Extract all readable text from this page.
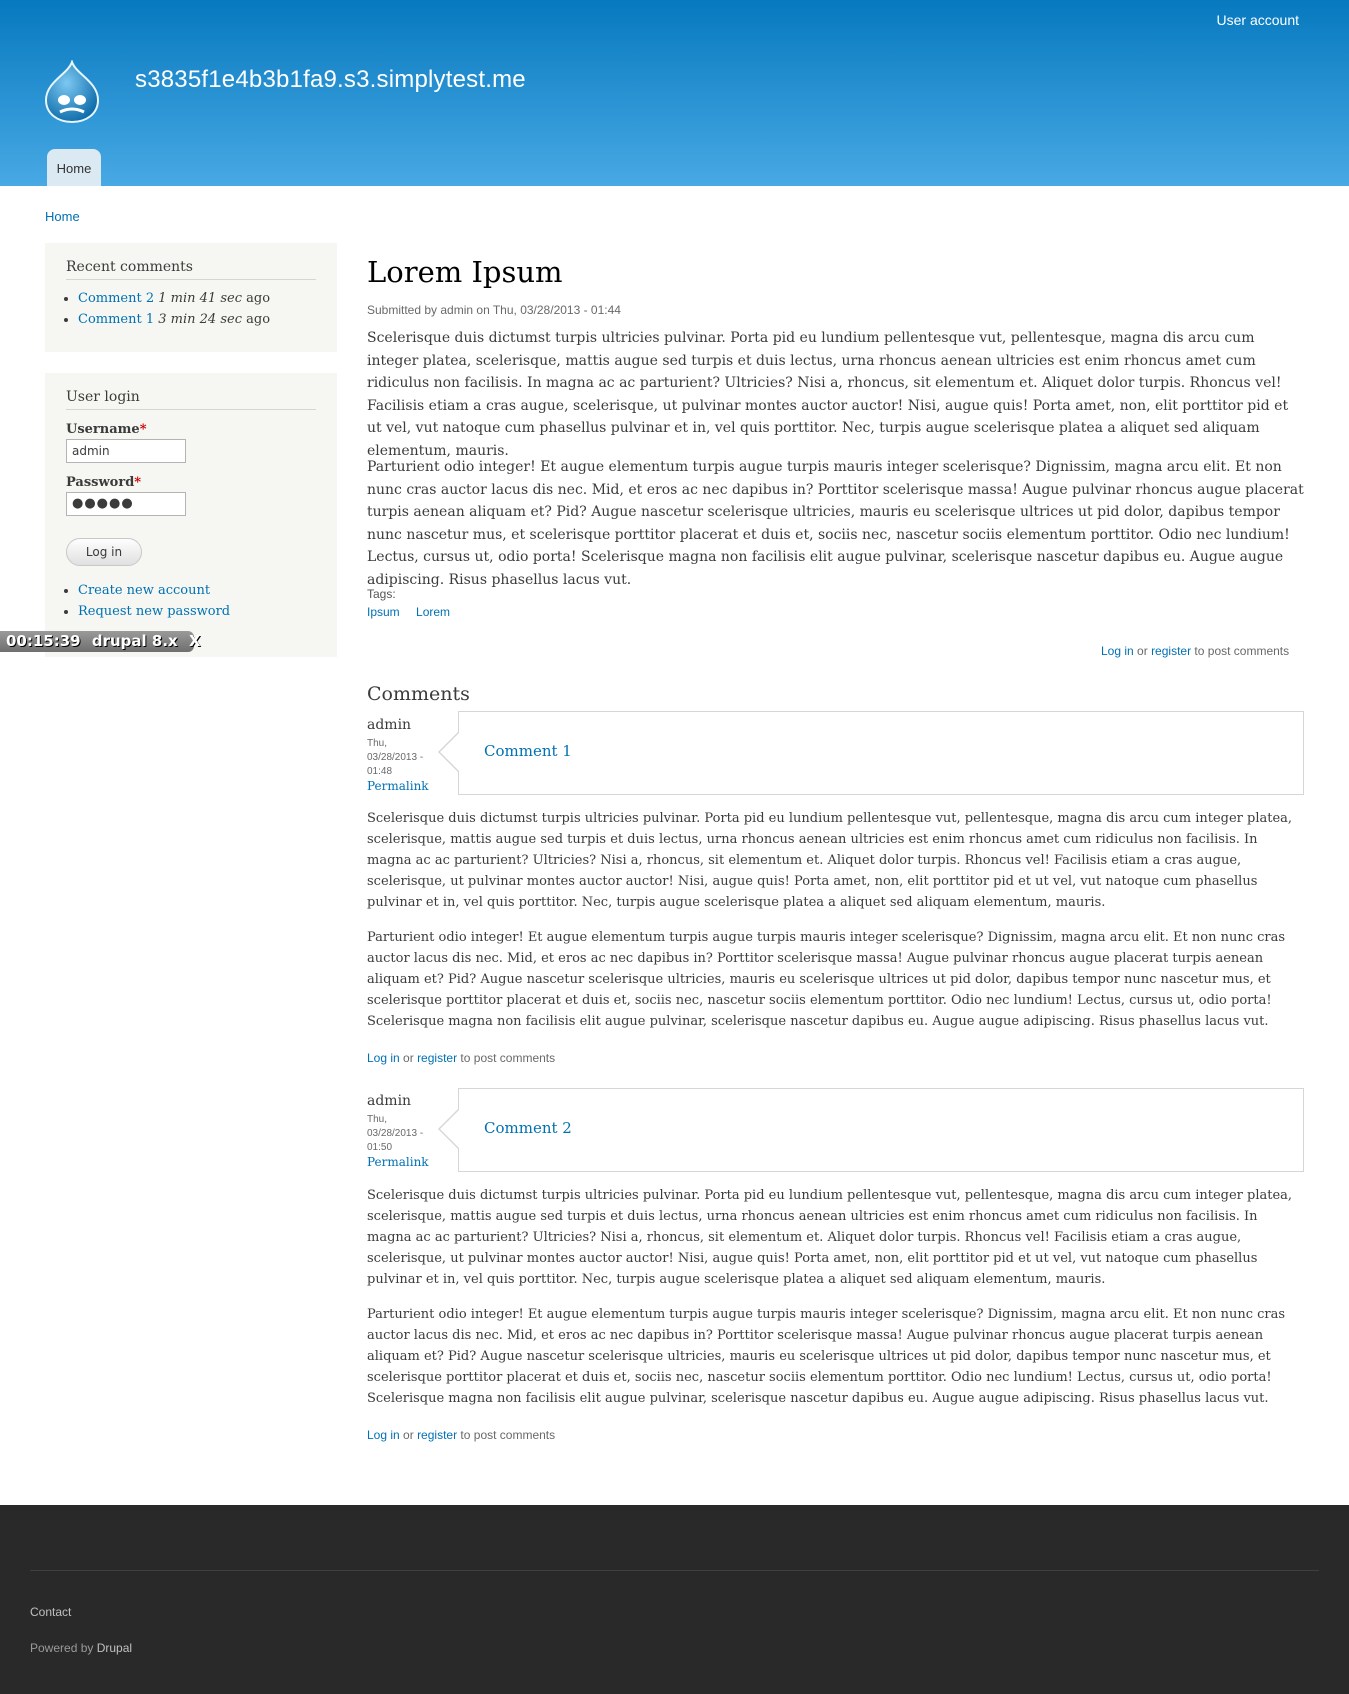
User account
s3835f1e4b3b1fa9.s3.simplytest.me
Home
Home
Recent comments
• Comment 2 1 min 41 sec ago
• Comment 1 3 min 24 sec ago
User login
Username*
admin
Password*
●●●●●
Log in
• Create new account
• Request new password
00:15:39 drupal 8.x X
Lorem Ipsum
Submitted by admin on Thu, 03/28/2013 - 01:44

Scelerisque duis dictumst turpis ultricies pulvinar. Porta pid eu lundium pellentesque vut, pellentesque, magna dis arcu cum integer platea, scelerisque, mattis augue sed turpis et duis lectus, urna rhoncus aenean ultricies est enim rhoncus amet cum ridiculus non facilisis. In magna ac ac parturient? Ultricies? Nisi a, rhoncus, sit elementum et. Aliquet dolor turpis. Rhoncus vel! Facilisis etiam a cras augue, scelerisque, ut pulvinar montes auctor auctor! Nisi, augue quis! Porta amet, non, elit porttitor pid et ut vel, vut natoque cum phasellus pulvinar et in, vel quis porttitor. Nec, turpis augue scelerisque platea a aliquet sed aliquam elementum, mauris.

Parturient odio integer! Et augue elementum turpis augue turpis mauris integer scelerisque? Dignissim, magna arcu elit. Et non nunc cras auctor lacus dis nec. Mid, et eros ac nec dapibus in? Porttitor scelerisque massa! Augue pulvinar rhoncus augue placerat turpis aenean aliquam et? Pid? Augue nascetur scelerisque ultricies, mauris eu scelerisque ultrices ut pid dolor, dapibus tempor nunc nascetur mus, et scelerisque porttitor placerat et duis et, sociis nec, nascetur sociis elementum porttitor. Odio nec lundium! Lectus, cursus ut, odio porta! Scelerisque magna non facilisis elit augue pulvinar, scelerisque nascetur dapibus eu. Augue augue adipiscing. Risus phasellus lacus vut.

Tags:
Ipsum Lorem
Log in or register to post comments
Comments
admin
Thu, 03/28/2013 - 01:48
Permalink
Comment 1

Scelerisque duis dictumst turpis ultricies pulvinar. Porta pid eu lundium pellentesque vut, pellentesque, magna dis arcu cum integer platea, scelerisque, mattis augue sed turpis et duis lectus, urna rhoncus aenean ultricies est enim rhoncus amet cum ridiculus non facilisis. In magna ac ac parturient? Ultricies? Nisi a, rhoncus, sit elementum et. Aliquet dolor turpis. Rhoncus vel! Facilisis etiam a cras augue, scelerisque, ut pulvinar montes auctor auctor! Nisi, augue quis! Porta amet, non, elit porttitor pid et ut vel, vut natoque cum phasellus pulvinar et in, vel quis porttitor. Nec, turpis augue scelerisque platea a aliquet sed aliquam elementum, mauris.

Parturient odio integer! Et augue elementum turpis augue turpis mauris integer scelerisque? Dignissim, magna arcu elit. Et non nunc cras auctor lacus dis nec. Mid, et eros ac nec dapibus in? Porttitor scelerisque massa! Augue pulvinar rhoncus augue placerat turpis aenean aliquam et? Pid? Augue nascetur scelerisque ultricies, mauris eu scelerisque ultrices ut pid dolor, dapibus tempor nunc nascetur mus, et scelerisque porttitor placerat et duis et, sociis nec, nascetur sociis elementum porttitor. Odio nec lundium! Lectus, cursus ut, odio porta! Scelerisque magna non facilisis elit augue pulvinar, scelerisque nascetur dapibus eu. Augue augue adipiscing. Risus phasellus lacus vut.

Log in or register to post comments
admin
Thu, 03/28/2013 - 01:50
Permalink
Comment 2

Scelerisque duis dictumst turpis ultricies pulvinar. Porta pid eu lundium pellentesque vut, pellentesque, magna dis arcu cum integer platea, scelerisque, mattis augue sed turpis et duis lectus, urna rhoncus aenean ultricies est enim rhoncus amet cum ridiculus non facilisis. In magna ac ac parturient? Ultricies? Nisi a, rhoncus, sit elementum et. Aliquet dolor turpis. Rhoncus vel! Facilisis etiam a cras augue, scelerisque, ut pulvinar montes auctor auctor! Nisi, augue quis! Porta amet, non, elit porttitor pid et ut vel, vut natoque cum phasellus pulvinar et in, vel quis porttitor. Nec, turpis augue scelerisque platea a aliquet sed aliquam elementum, mauris.

Parturient odio integer! Et augue elementum turpis augue turpis mauris integer scelerisque? Dignissim, magna arcu elit. Et non nunc cras auctor lacus dis nec. Mid, et eros ac nec dapibus in? Porttitor scelerisque massa! Augue pulvinar rhoncus augue placerat turpis aenean aliquam et? Pid? Augue nascetur scelerisque ultricies, mauris eu scelerisque ultrices ut pid dolor, dapibus tempor nunc nascetur mus, et scelerisque porttitor placerat et duis et, sociis nec, nascetur sociis elementum porttitor. Odio nec lundium! Lectus, cursus ut, odio porta! Scelerisque magna non facilisis elit augue pulvinar, scelerisque nascetur dapibus eu. Augue augue adipiscing. Risus phasellus lacus vut.

Log in or register to post comments
Contact
Powered by Drupal
